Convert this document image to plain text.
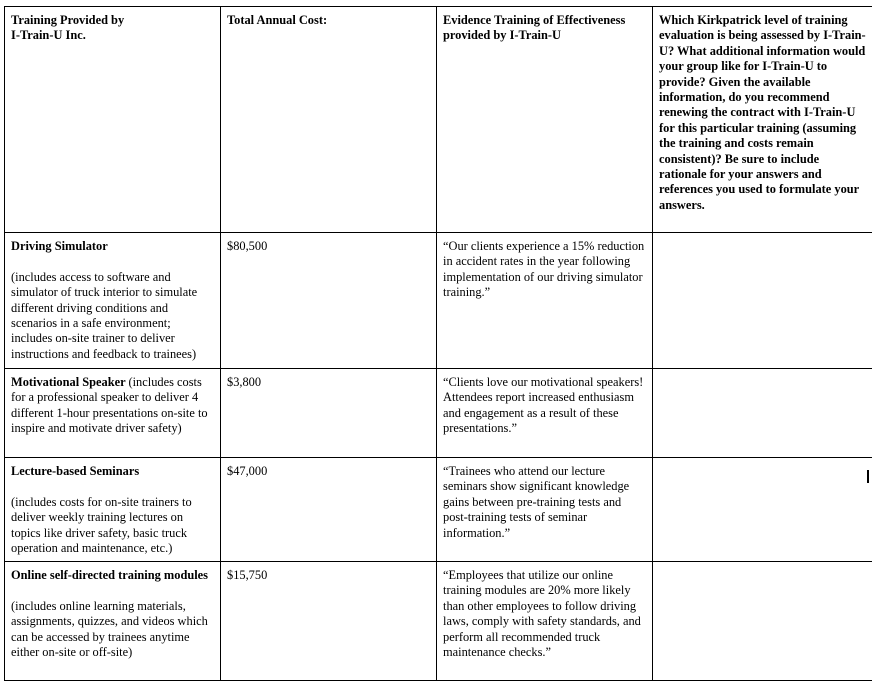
Training Provided by
I-Train-U Inc.	Total Annual Cost:	Evidence Training of Effectiveness provided by I-Train-U	Which Kirkpatrick level of training evaluation is being assessed by I-Train-U? What additional information would your group like for I-Train-U to provide? Given the available information, do you recommend renewing the contract with I-Train-U for this particular training (assuming the training and costs remain consistent)? Be sure to include rationale for your answers and references you used to formulate your answers.

Driving Simulator
(includes access to software and simulator of truck interior to simulate different driving conditions and scenarios in a safe environment; includes on-site trainer to deliver instructions and feedback to trainees)	$80,500	“Our clients experience a 15% reduction in accident rates in the year following implementation of our driving simulator training.”	
Motivational Speaker (includes costs for a professional speaker to deliver 4 different 1-hour presentations on-site to inspire and motivate driver safety)	$3,800	“Clients love our motivational speakers! Attendees report increased enthusiasm and engagement as a result of these presentations.”	

Lecture-based Seminars
(includes costs for on-site trainers to deliver weekly training lectures on topics like driver safety, basic truck operation and maintenance, etc.)	$47,000	“Trainees who attend our lecture seminars show significant knowledge gains between pre-training tests and post-training tests of seminar information.”	

Online self-directed training modules
(includes online learning materials, assignments, quizzes, and videos which can be accessed by trainees anytime either on-site or off-site)	$15,750	“Employees that utilize our online training modules are 20% more likely than other employees to follow driving laws, comply with safety standards, and perform all recommended truck maintenance checks.”	
